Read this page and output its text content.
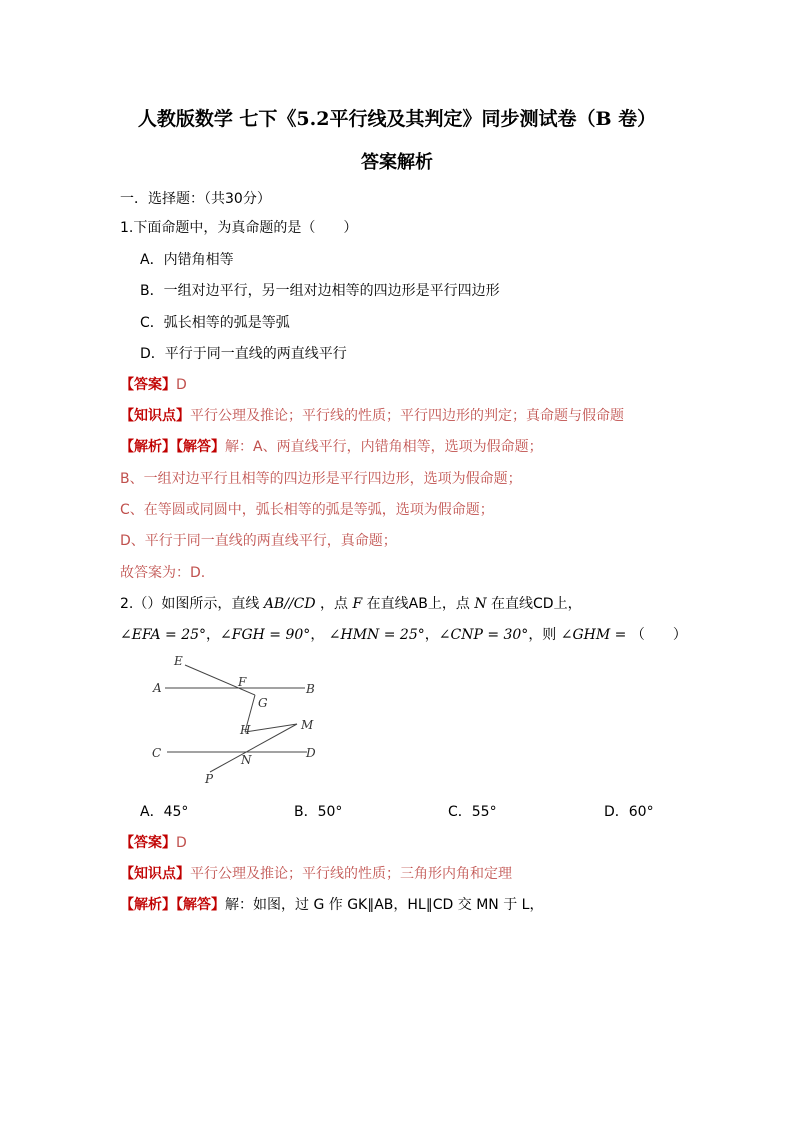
人教版数学 七下《5.2平行线及其判定》同步测试卷（B 卷）
答案解析
一．选择题：（共30分）
1.下面命题中，为真命题的是（　　）
A．内错角相等
B．一组对边平行，另一组对边相等的四边形是平行四边形
C．弧长相等的弧是等弧
D．平行于同一直线的两直线平行
【答案】D
【知识点】平行公理及推论；平行线的性质；平行四边形的判定；真命题与假命题
【解析】【解答】解：A、两直线平行，内错角相等，选项为假命题；
B、一组对边平行且相等的四边形是平行四边形，选项为假命题；
C、在等圆或同圆中，弧长相等的弧是等弧，选项为假命题；
D、平行于同一直线的两直线平行，真命题；
故答案为：D.
2.（）如图所示，直线 AB//CD ，点 F 在直线AB上，点 N 在直线CD上，
∠EFA = 25°，∠FGH = 90°， ∠HMN = 25°，∠CNP = 30°，则 ∠GHM = （　　）
E
F
A	B
G
H	M
C	N	D
P
A．45°	B．50°	C．55°	D．60°
【答案】D
【知识点】平行公理及推论；平行线的性质；三角形内角和定理
【解析】【解答】解：如图，过 G 作 GK∥AB，HL∥CD 交 MN 于 L，
